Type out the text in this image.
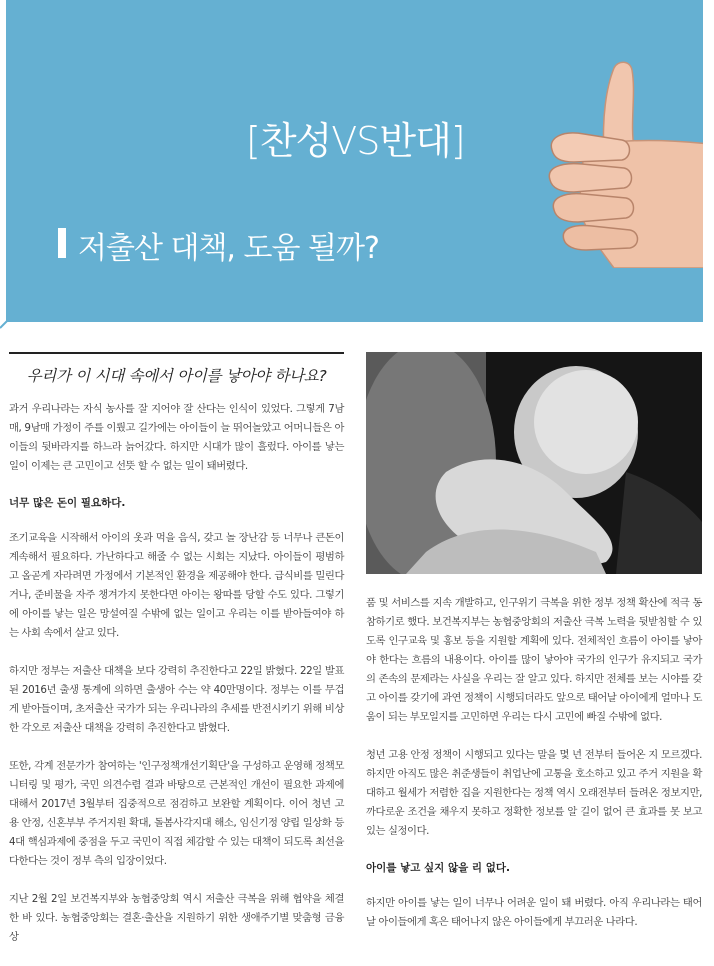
[찬성VS반대]
저출산 대책, 도움 될까?
우리가 이 시대 속에서 아이를 낳아야 하나요?

과거 우리나라는 자식 농사를 잘 지어야 잘 산다는 인식이 있었다. 그렇게 7남매, 9남매 가정이 주를 이뤘고 길가에는 아이들이 늘 뛰어놀았고 어머니들은 아이들의 뒷바라지를 하느라 늙어갔다. 하지만 시대가 많이 흘렀다. 아이를 낳는 일이 이제는 큰 고민이고 선뜻 할 수 없는 일이 돼버렸다.

너무 많은 돈이 필요하다.

조기교육을 시작해서 아이의 옷과 먹을 음식, 갖고 놀 장난감 등 너무나 큰돈이 계속해서 필요하다. 가난하다고 해줄 수 없는 시회는 지났다. 아이들이 평범하고 올곧게 자라려면 가정에서 기본적인 환경을 제공해야 한다. 급식비를 밀린다거나, 준비물을 자주 챙겨가지 못한다면 아이는 왕따를 당할 수도 있다. 그렇기에 아이를 낳는 일은 망설여질 수밖에 없는 일이고 우리는 이를 받아들여야 하는 사회 속에서 살고 있다.

하지만 정부는 저출산 대책을 보다 강력히 추진한다고 22일 밝혔다. 22일 발표된 2016년 출생 통계에 의하면 출생아 수는 약 40만명이다. 정부는 이를 무겁게 받아들이며, 초저출산 국가가 되는 우리나라의 추세를 반전시키기 위해 비상한 각오로 저출산 대책을 강력히 추진한다고 밝혔다.

또한, 각계 전문가가 참여하는 '인구정책개선기획단'을 구성하고 운영해 정책모니터링 및 평가, 국민 의견수렴 결과 바탕으로 근본적인 개선이 필요한 과제에 대해서 2017년 3월부터 집중적으로 점검하고 보완할 계획이다. 이어 청년 고용 안정, 신혼부부 주거지원 확대, 돌봄사각지대 해소, 임신기정 양립 일상화 등 4대 핵심과제에 중점을 두고 국민이 직접 체감할 수 있는 대책이 되도록 최선을 다한다는 것이 정부 측의 입장이었다.

지난 2월 2일 보건복지부와 농협중앙회 역시 저출산 극복을 위해 협약을 체결한 바 있다. 농협중앙회는 결혼·출산을 지원하기 위한 생애주기별 맞춤형 금융상

품 및 서비스를 지속 개발하고, 인구위기 극복을 위한 정부 정책 확산에 적극 동참하기로 했다. 보건복지부는 농협중앙회의 저출산 극복 노력을 뒷받침할 수 있도록 인구교육 및 홍보 등을 지원할 계획에 있다. 전체적인 흐름이 아이를 낳아야 한다는 흐름의 내용이다. 아이를 많이 낳아야 국가의 인구가 유지되고 국가의 존속의 문제라는 사실을 우리는 잘 알고 있다. 하지만 전체를 보는 시야를 갖고 아이를 갖기에 과연 정책이 시행되더라도 앞으로 태어날 아이에게 얼마나 도움이 되는 부모일지를 고민하면 우리는 다시 고민에 빠질 수밖에 없다.

청년 고용 안정 정책이 시행되고 있다는 말을 몇 년 전부터 들어온 지 모르겠다. 하지만 아직도 많은 취준생들이 취업난에 고통을 호소하고 있고 주거 지원을 확대하고 월세가 저렴한 집을 지원한다는 정책 역시 오래전부터 들려온 정보지만, 까다로운 조건을 채우지 못하고 정확한 정보를 알 길이 없어 큰 효과를 못 보고 있는 실정이다.

아이를 낳고 싶지 않을 리 없다.

하지만 아이를 낳는 일이 너무나 어려운 일이 돼 버렸다. 아직 우리나라는 태어날 아이들에게 혹은 태어나지 않은 아이들에게 부끄러운 나라다.
